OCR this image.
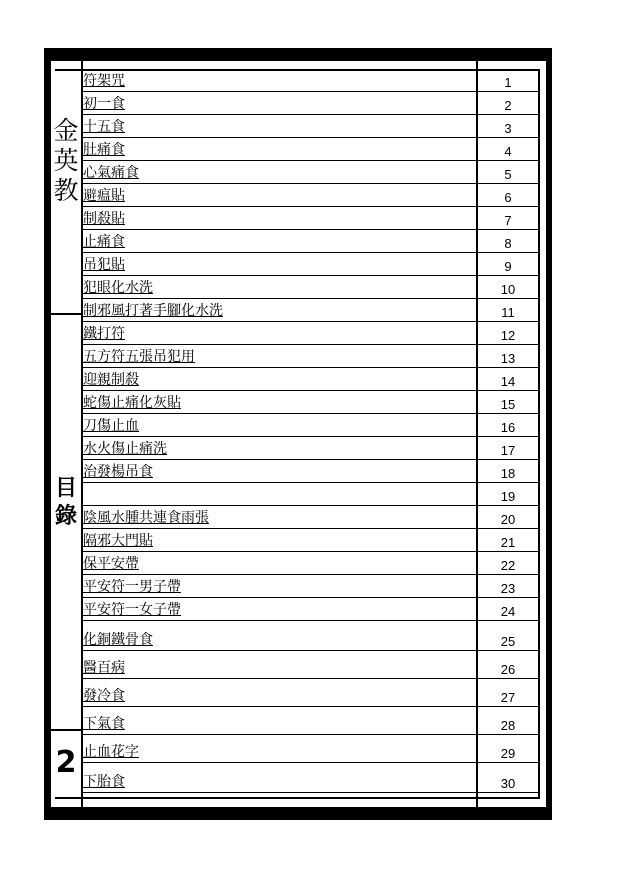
金
英
教
目
錄
2
符架咒	1
初一食	2
十五食	3
肚痛食	4
心氣痛食	5
避瘟貼	6
制殺貼	7
止痛食	8
吊犯貼	9
犯眼化水洗	10
制邪風打著手腳化水洗	11
鐵打符	12
五方符五張吊犯用	13
迎親制殺	14
蛇傷止痛化灰貼	15
刀傷止血	16
水火傷止痛洗	17
治發楊吊食	18
19
陰風水腫共連食雨張	20
隔邪大門貼	21
保平安帶	22
平安符一男子帶	23
平安符一女子帶	24
化銅鐵骨食	25
醫百病	26
發冷食	27
下氣食	28
止血花字	29
下胎食	30
